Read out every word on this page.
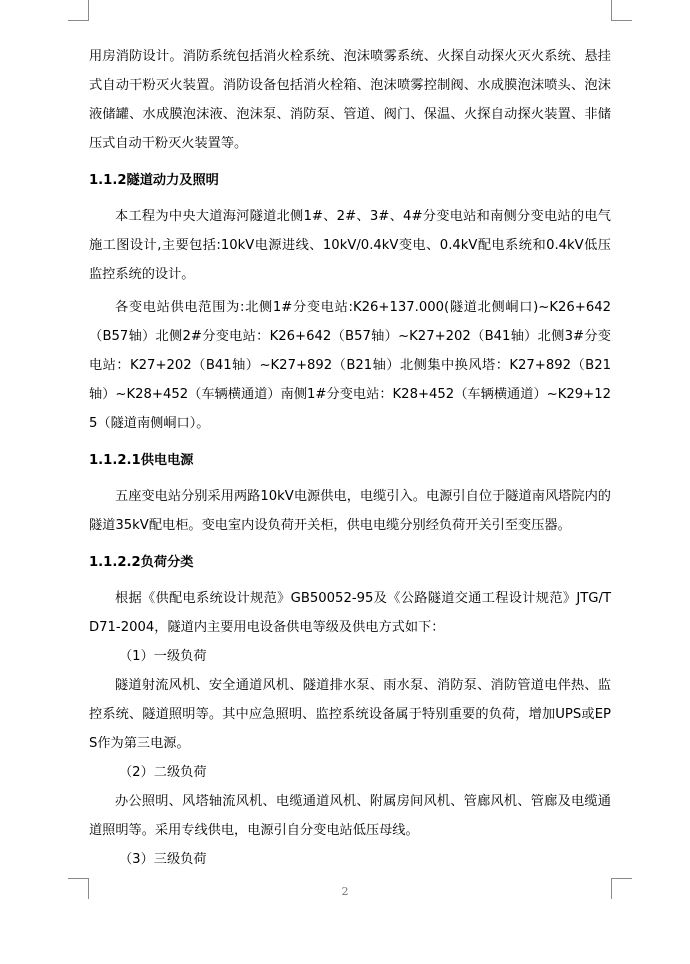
用房消防设计。消防系统包括消火栓系统、泡沫喷雾系统、火探自动探火灭火系统、悬挂式自动干粉灭火装置。消防设备包括消火栓箱、泡沫喷雾控制阀、水成膜泡沫喷头、泡沫液储罐、水成膜泡沫液、泡沫泵、消防泵、管道、阀门、保温、火探自动探火装置、非储压式自动干粉灭火装置等。

1.1.2隧道动力及照明

本工程为中央大道海河隧道北侧1#、2#、3#、4#分变电站和南侧分变电站的电气施工图设计,主要包括:10kV电源进线、10kV/0.4kV变电、0.4kV配电系统和0.4kV低压监控系统的设计。

各变电站供电范围为:北侧1#分变电站:K26+137.000(隧道北侧峒口)~K26+642（B57轴）北侧2#分变电站：K26+642（B57轴）~K27+202（B41轴）北侧3#分变电站：K27+202（B41轴）~K27+892（B21轴）北侧集中换风塔：K27+892（B21轴）~K28+452（车辆横通道）南侧1#分变电站：K28+452（车辆横通道）~K29+125（隧道南侧峒口）。

1.1.2.1供电电源

五座变电站分别采用两路10kV电源供电，电缆引入。电源引自位于隧道南风塔院内的隧道35kV配电柜。变电室内设负荷开关柜，供电电缆分别经负荷开关引至变压器。

1.1.2.2负荷分类

根据《供配电系统设计规范》GB50052-95及《公路隧道交通工程设计规范》JTG/TD71-2004，隧道内主要用电设备供电等级及供电方式如下：

（1）一级负荷

隧道射流风机、安全通道风机、隧道排水泵、雨水泵、消防泵、消防管道电伴热、监控系统、隧道照明等。其中应急照明、监控系统设备属于特别重要的负荷，增加UPS或EPS作为第三电源。

（2）二级负荷

办公照明、风塔轴流风机、电缆通道风机、附属房间风机、管廊风机、管廊及电缆通道照明等。采用专线供电，电源引自分变电站低压母线。

（3）三级负荷

2
